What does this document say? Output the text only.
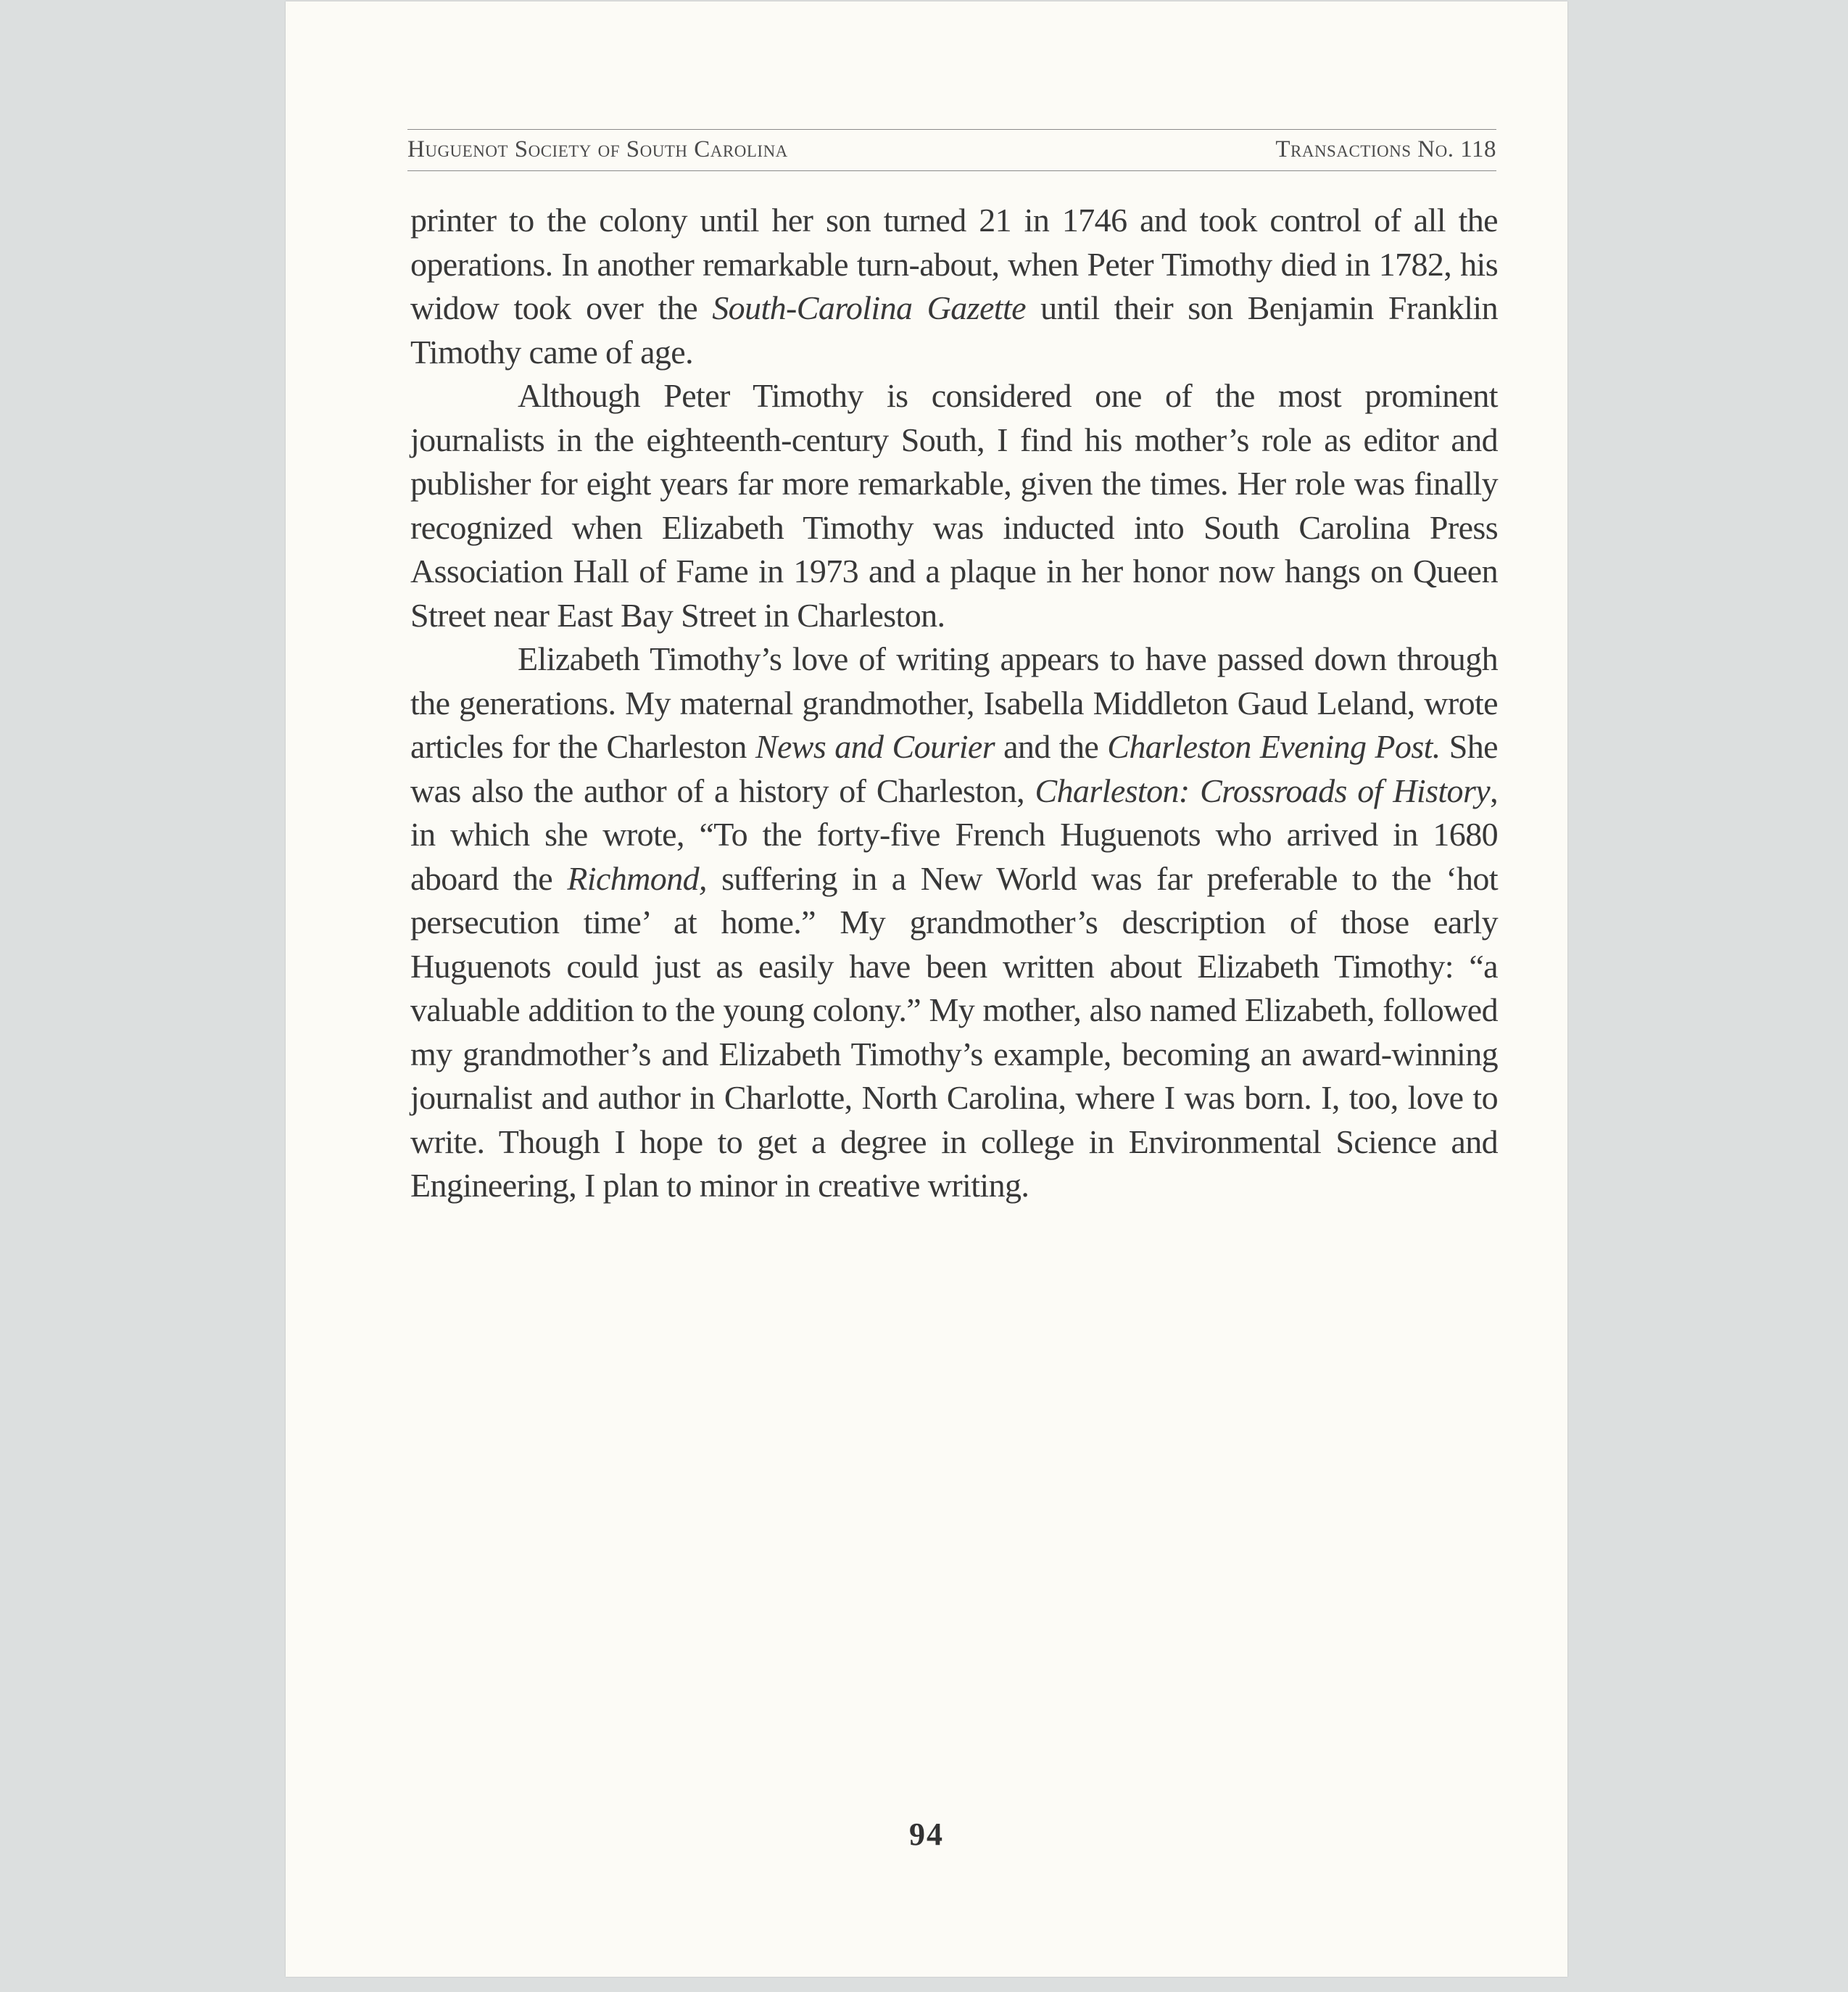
Huguenot Society of South Carolina	Transactions No. 118

printer to the colony until her son turned 21 in 1746 and took control of all the operations. In another remarkable turn-about, when Peter Timothy died in 1782, his widow took over the South-Carolina Gazette until their son Benjamin Franklin Timothy came of age.

Although Peter Timothy is considered one of the most prominent journalists in the eighteenth-century South, I find his mother’s role as editor and publisher for eight years far more remarkable, given the times. Her role was finally recognized when Elizabeth Timothy was inducted into South Carolina Press Association Hall of Fame in 1973 and a plaque in her honor now hangs on Queen Street near East Bay Street in Charleston.

Elizabeth Timothy’s love of writing appears to have passed down through the generations. My maternal grandmother, Isabella Middleton Gaud Leland, wrote articles for the Charleston News and Courier and the Charleston Evening Post. She was also the author of a history of Charleston, Charleston: Crossroads of History, in which she wrote, “To the forty-five French Huguenots who arrived in 1680 aboard the Richmond, suffering in a New World was far preferable to the ‘hot persecution time’ at home.” My grandmother’s description of those early Huguenots could just as easily have been written about Elizabeth Timothy: “a valuable addition to the young colony.” My mother, also named Elizabeth, followed my grandmother’s and Elizabeth Timothy’s example, becoming an award-winning journalist and author in Charlotte, North Carolina, where I was born. I, too, love to write. Though I hope to get a degree in college in Environmental Science and Engineering, I plan to minor in creative writing.

94
